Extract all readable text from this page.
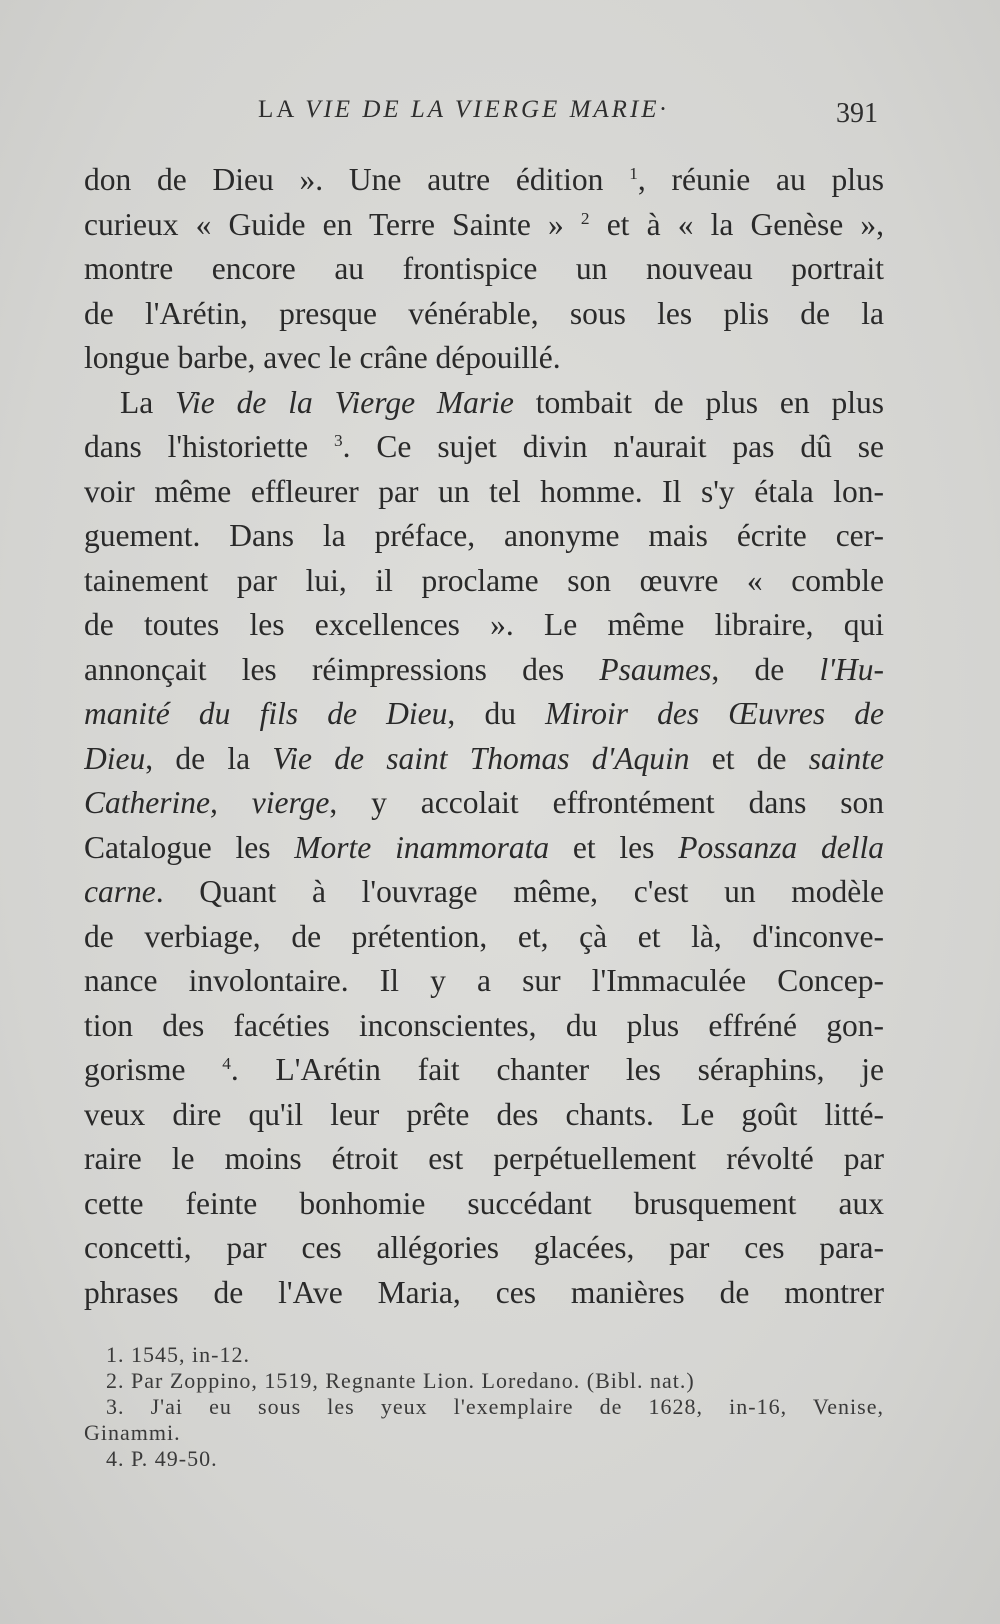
LA VIE DE LA VIERGE MARIE·	391
don de Dieu ». Une autre édition $^1$, réunie au plus
curieux « Guide en Terre Sainte » $^2$ et à « la Genèse »,
montre encore au frontispice un nouveau portrait
de l'Arétin, presque vénérable, sous les plis de la
longue barbe, avec le crâne dépouillé.
La Vie de la Vierge Marie tombait de plus en plus
dans l'historiette $^3$. Ce sujet divin n'aurait pas dû se
voir même effleurer par un tel homme. Il s'y étala lon-
guement. Dans la préface, anonyme mais écrite cer-
tainement par lui, il proclame son œuvre « comble
de toutes les excellences ». Le même libraire, qui
annonçait les réimpressions des Psaumes, de l'Hu-
manité du fils de Dieu, du Miroir des Œuvres de
Dieu, de la Vie de saint Thomas d'Aquin et de sainte
Catherine, vierge, y accolait effrontément dans son
Catalogue les Morte inammorata et les Possanza della
carne. Quant à l'ouvrage même, c'est un modèle
de verbiage, de prétention, et, çà et là, d'inconve-
nance involontaire. Il y a sur l'Immaculée Concep-
tion des facéties inconscientes, du plus effréné gon-
gorisme $^4$. L'Arétin fait chanter les séraphins, je
veux dire qu'il leur prête des chants. Le goût litté-
raire le moins étroit est perpétuellement révolté par
cette feinte bonhomie succédant brusquement aux
concetti, par ces allégories glacées, par ces para-
phrases de l'Ave Maria, ces manières de montrer
1. 1545, in-12.
2. Par Zoppino, 1519, Regnante Lion. Loredano. (Bibl. nat.)
3. J'ai eu sous les yeux l'exemplaire de 1628, in-16, Venise,
Ginammi.
4. P. 49-50.
